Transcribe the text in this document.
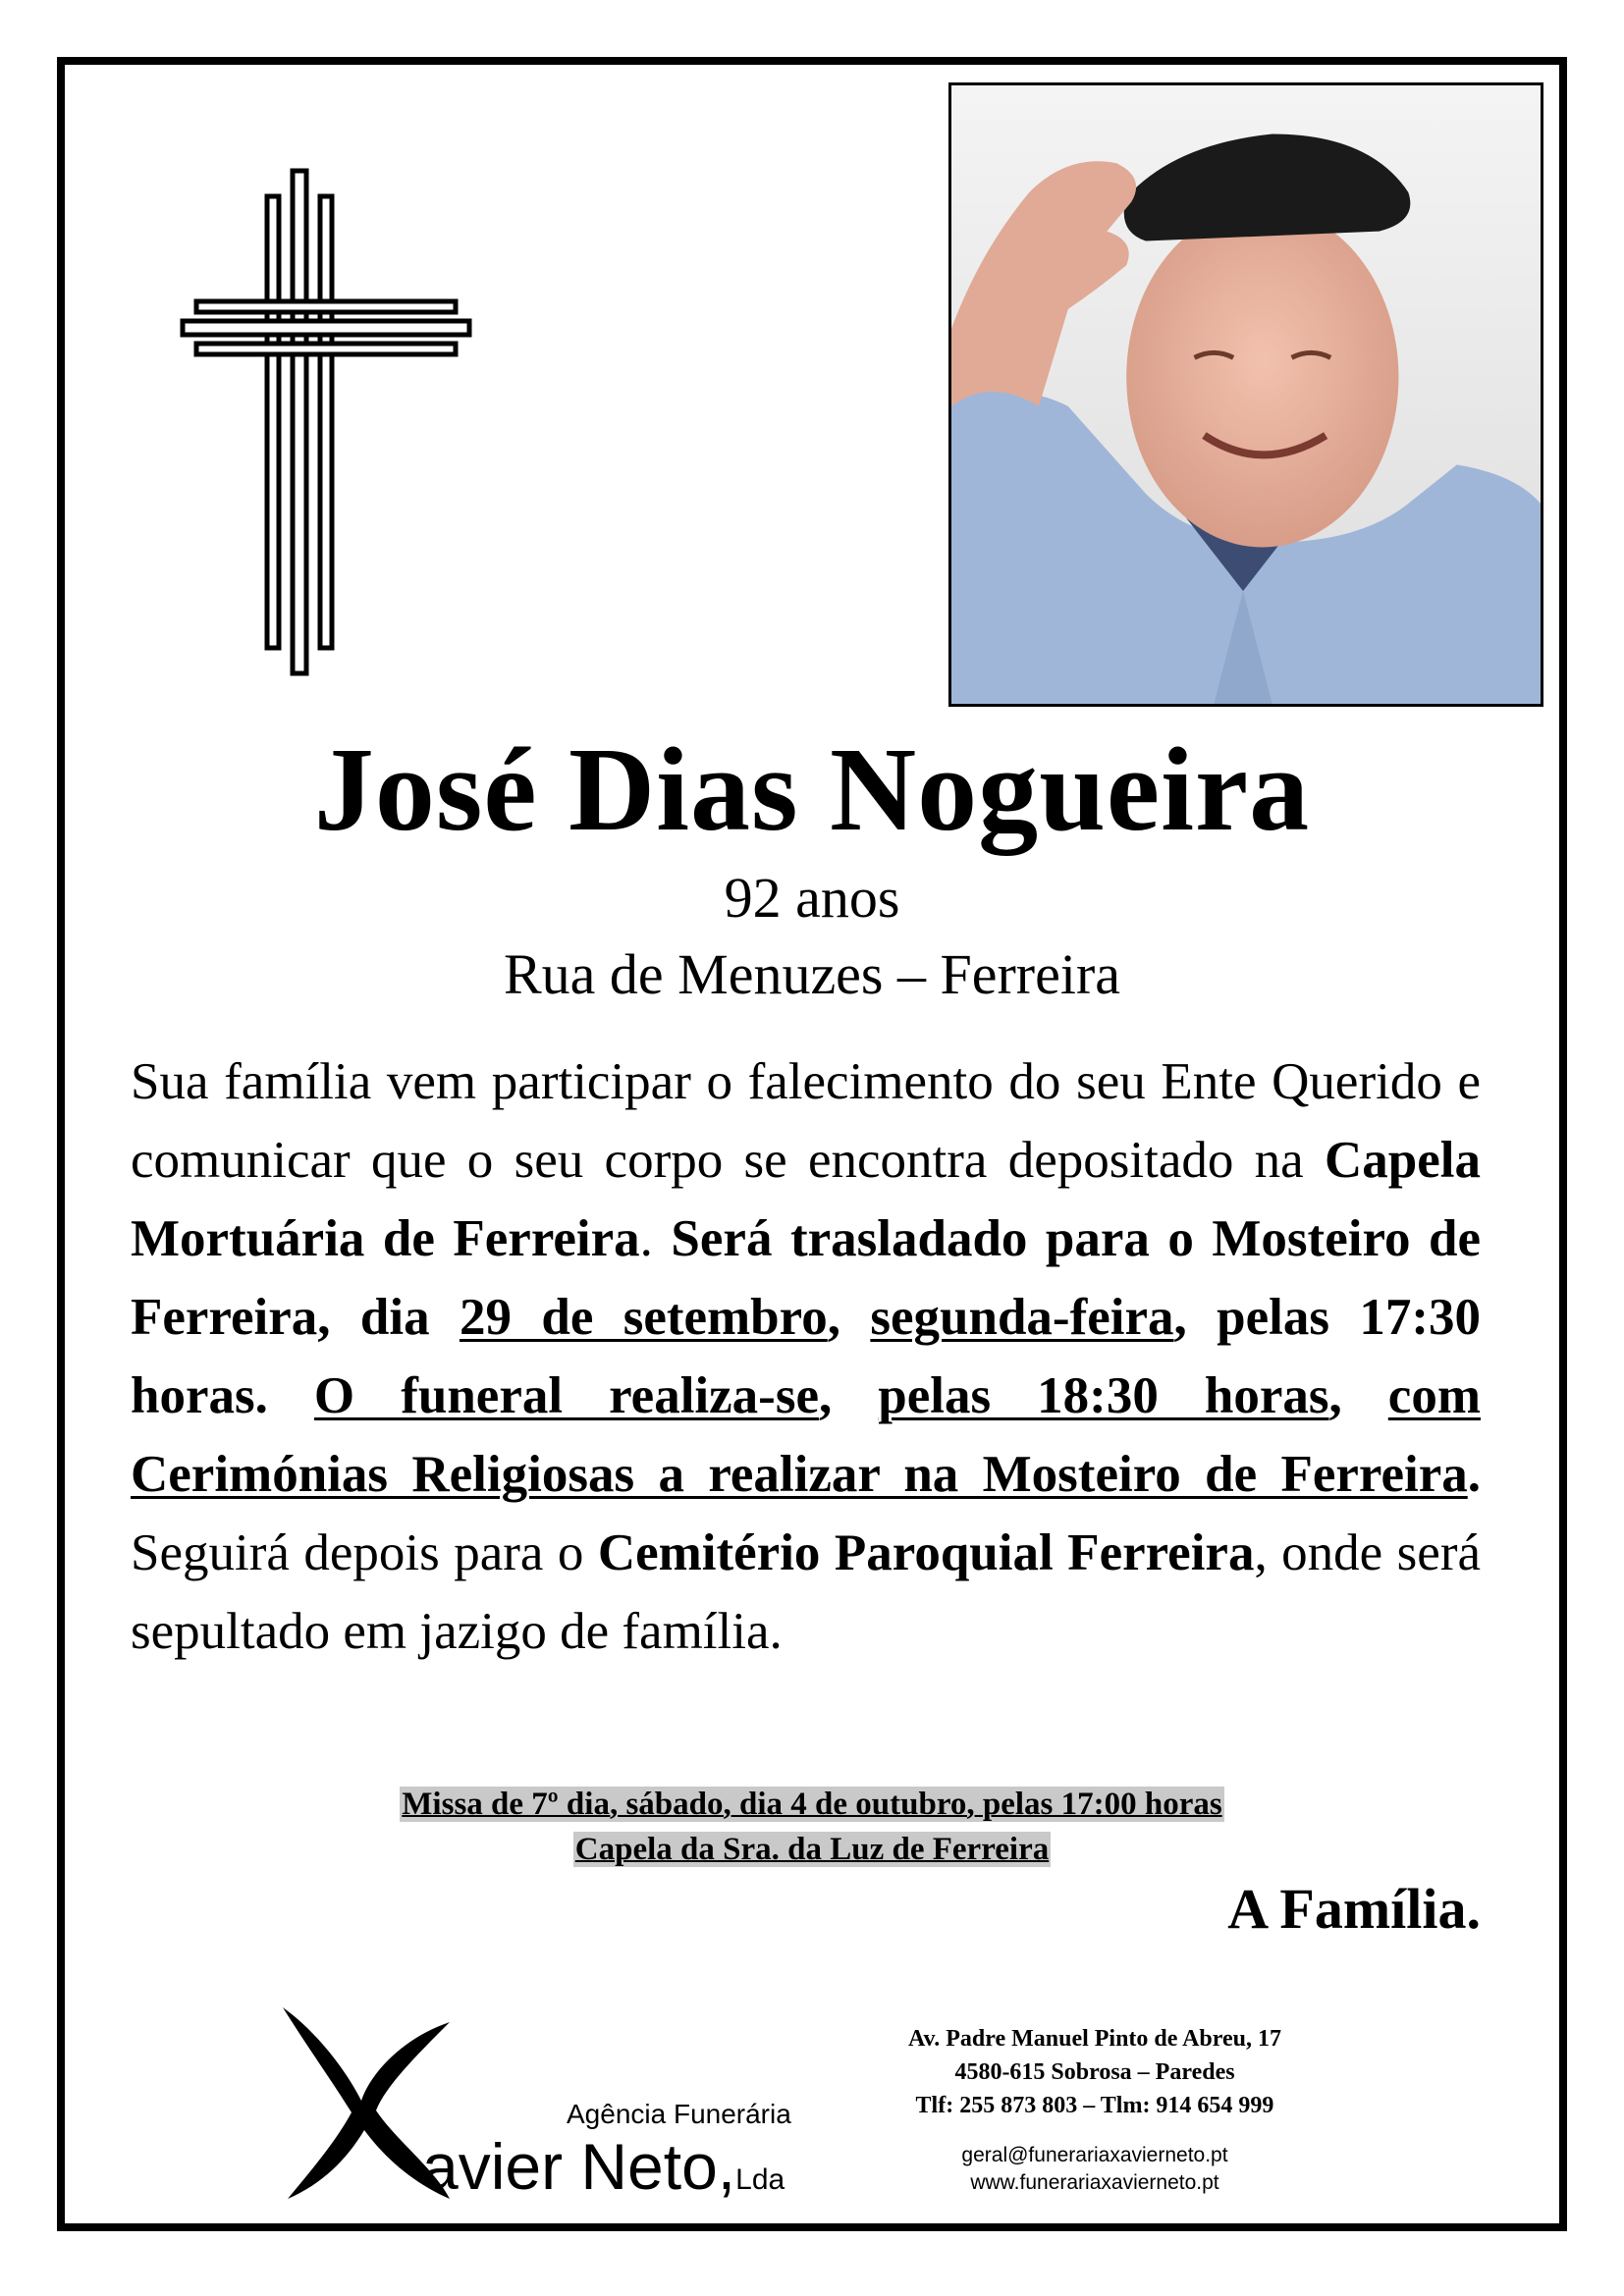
José Dias Nogueira
92 anos
Rua de Menuzes – Ferreira
Sua família vem participar o falecimento do seu Ente Querido e comunicar que o seu corpo se encontra depositado na Capela Mortuária de Ferreira. Será trasladado para o Mosteiro de Ferreira, dia 29 de setembro, segunda-feira, pelas 17:30 horas. O funeral realiza-se, pelas 18:30 horas, com Cerimónias Religiosas a realizar na Mosteiro de Ferreira. Seguirá depois para o Cemitério Paroquial Ferreira, onde será sepultado em jazigo de família.
Missa de 7º dia, sábado, dia 4 de outubro, pelas 17:00 horas
Capela da Sra. da Luz de Ferreira
A Família.
Agência Funerária
avier Neto,Lda
Av. Padre Manuel Pinto de Abreu, 17
4580-615 Sobrosa – Paredes
Tlf: 255 873 803 – Tlm: 914 654 999
geral@funerariaxavierneto.pt
www.funerariaxavierneto.pt
